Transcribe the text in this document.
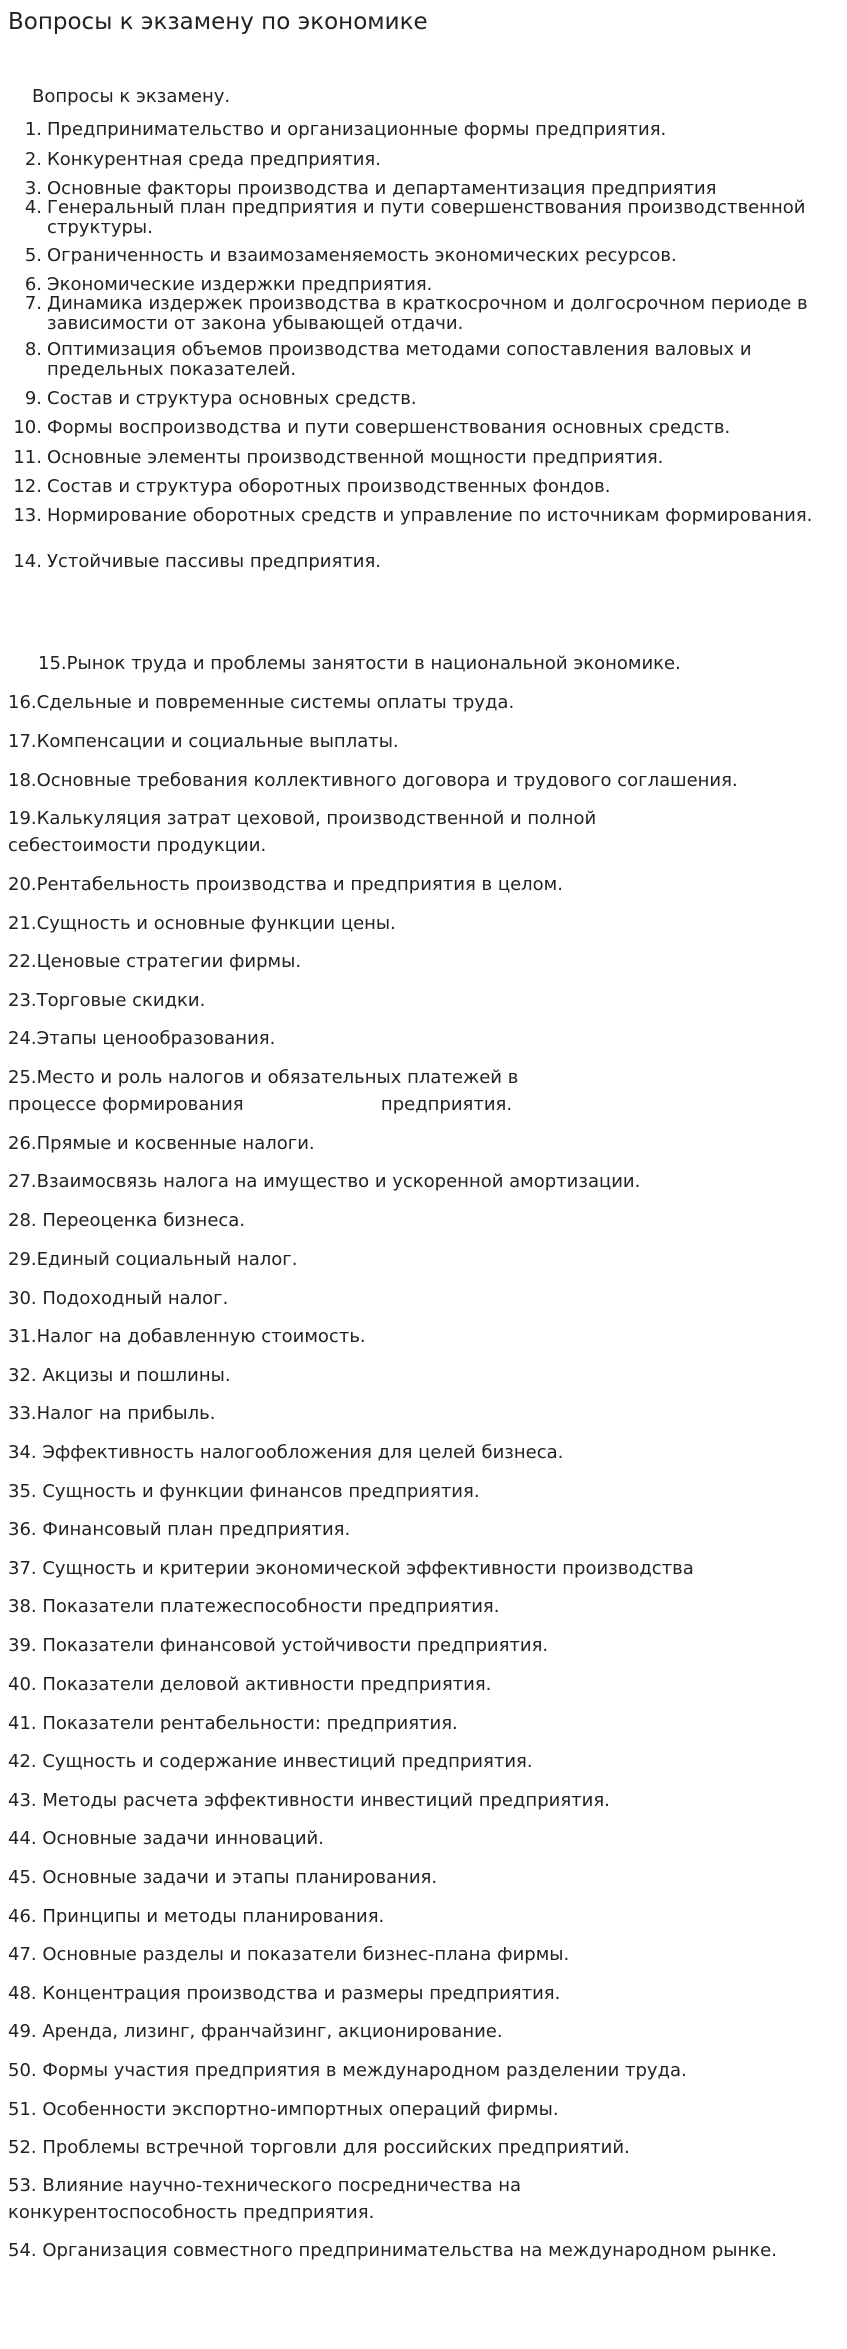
Вопросы к экзамену по экономике
Вопросы к экзамену.
1. Предпринимательство и организационные формы предприятия.
2. Конкурентная среда предприятия.
3. Основные факторы производства и департаментизация предприятия
4. Генеральный план предприятия и пути совершенствования производственной структуры.
5. Ограниченность и взаимозаменяемость экономических ресурсов.
6. Экономические издержки предприятия.
7. Динамика издержек производства в краткосрочном и долгосрочном периоде в зависимости от закона убывающей отдачи.
8. Оптимизация объемов производства методами сопоставления валовых и предельных показателей.
9. Состав и структура основных средств.
10. Формы воспроизводства и пути совершенствования основных средств.
11. Основные элементы производственной мощности предприятия.
12. Состав и структура оборотных производственных фондов.
13. Нормирование оборотных средств и управление по источникам формирования.
14. Устойчивые пассивы предприятия.

15.Рынок труда и проблемы занятости в национальной экономике.

16.Сдельные и повременные системы оплаты труда.

17.Компенсации и социальные выплаты.

18.Основные требования коллективного договора и трудового соглашения.

19.Калькуляция затрат цеховой, производственной и полной

себестоимости продукции.

20.Рентабельность производства и предприятия в целом.

21.Сущность и основные функции цены.

22.Ценовые стратегии фирмы.

23.Торговые скидки.

24.Этапы ценообразования.

25.Место и роль налогов и обязательных платежей в

процессе формирования                        предприятия.

26.Прямые и косвенные налоги.

27.Взаимосвязь налога на имущество и ускоренной амортизации.

28. Переоценка бизнеса.

29.Единый социальный налог.

30. Подоходный налог.

31.Налог на добавленную стоимость.

32. Акцизы и пошлины.

33.Налог на прибыль.

34. Эффективность налогообложения для целей бизнеса.

35. Сущность и функции финансов предприятия.

36. Финансовый план предприятия.

37. Сущность и критерии экономической эффективности производства

38. Показатели платежеспособности предприятия.

39. Показатели финансовой устойчивости предприятия.

40. Показатели деловой активности предприятия.

41. Показатели рентабельности: предприятия.

42. Сущность и содержание инвестиций предприятия.

43. Методы расчета эффективности инвестиций предприятия.

44. Основные задачи инноваций.

45. Основные задачи и этапы планирования.

46. Принципы и методы планирования.

47. Основные разделы и показатели бизнес-плана фирмы.

48. Концентрация производства и размеры предприятия.

49. Аренда, лизинг, франчайзинг, акционирование.

50. Формы участия предприятия в международном разделении труда.

51. Особенности экспортно-импортных операций фирмы.

52. Проблемы встречной торговли для российских предприятий.

53. Влияние научно-технического посредничества на

конкурентоспособность предприятия.

54. Организация совместного предпринимательства на международном рынке.
